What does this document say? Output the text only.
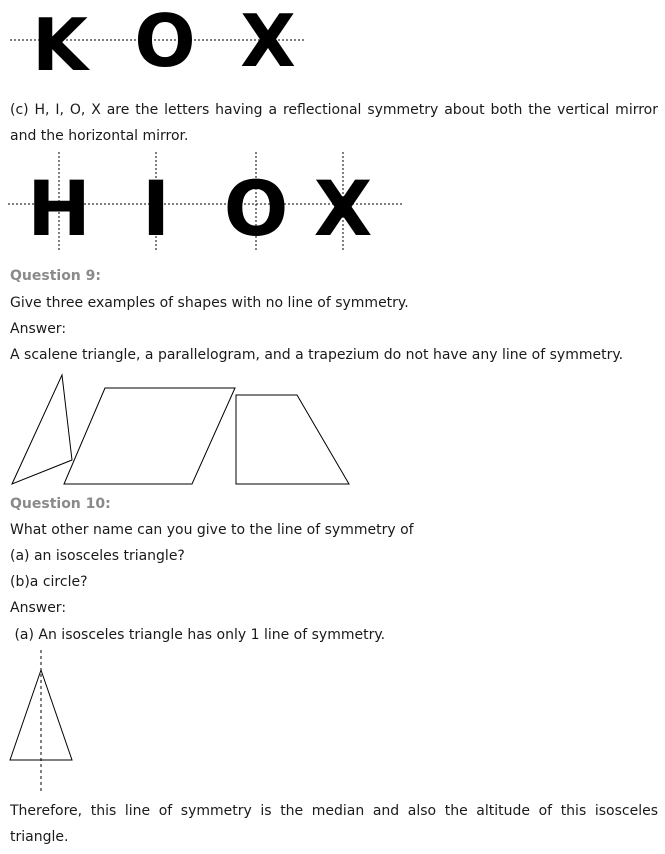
K O X
(c) H, I, O, X are the letters having a reflectional symmetry about both the vertical mirror and the horizontal mirror.
H I O X
Question 9:
Give three examples of shapes with no line of symmetry.
Answer:
A scalene triangle, a parallelogram, and a trapezium do not have any line of symmetry.
Question 10:
What other name can you give to the line of symmetry of
(a) an isosceles triangle?
(b)a circle?
Answer:
(a) An isosceles triangle has only 1 line of symmetry.
Therefore, this line of symmetry is the median and also the altitude of this isosceles triangle.
